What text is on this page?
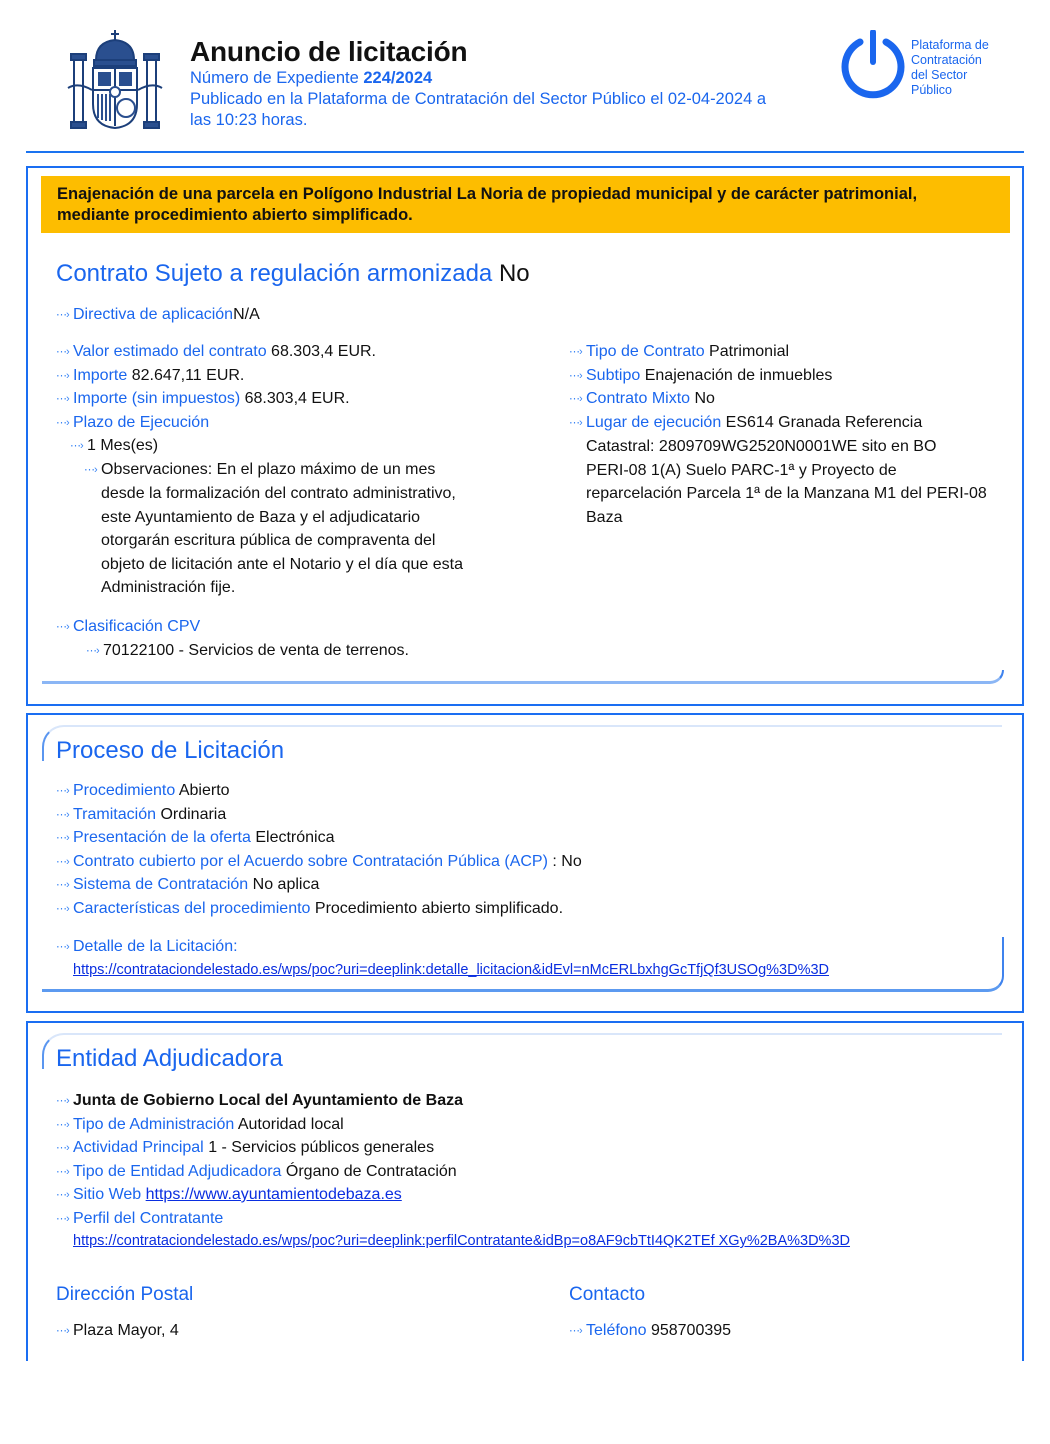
Anuncio de licitación
Número de Expediente 224/2024
Publicado en la Plataforma de Contratación del Sector Público el 02-04-2024 a
las 10:23 horas.
Plataforma de
Contratación
del Sector
Público
Enajenación de una parcela en Polígono Industrial La Noria de propiedad municipal y de carácter patrimonial,
mediante procedimiento abierto simplificado.
Contrato Sujeto a regulación armonizada No
⋯› Directiva de aplicaciónN/A
⋯› Valor estimado del contrato 68.303,4 EUR.
⋯› Importe 82.647,11 EUR.
⋯› Importe (sin impuestos) 68.303,4 EUR.
⋯› Plazo de Ejecución
⋯› 1 Mes(es)
⋯› Observaciones: En el plazo máximo de un mes
desde la formalización del contrato administrativo,
este Ayuntamiento de Baza y el adjudicatario
otorgarán escritura pública de compraventa del
objeto de licitación ante el Notario y el día que esta
Administración fije.
⋯› Tipo de Contrato Patrimonial
⋯› Subtipo Enajenación de inmuebles
⋯› Contrato Mixto No
⋯› Lugar de ejecución ES614 Granada Referencia
Catastral: 2809709WG2520N0001WE sito en BO
PERI-08 1(A) Suelo PARC-1ª y Proyecto de
reparcelación Parcela 1ª de la Manzana M1 del PERI-08
Baza
⋯› Clasificación CPV
⋯› 70122100 - Servicios de venta de terrenos.
Proceso de Licitación
⋯› Procedimiento Abierto
⋯› Tramitación Ordinaria
⋯› Presentación de la oferta Electrónica
⋯› Contrato cubierto por el Acuerdo sobre Contratación Pública (ACP) : No
⋯› Sistema de Contratación No aplica
⋯› Características del procedimiento Procedimiento abierto simplificado.
⋯› Detalle de la Licitación:
https://contrataciondelestado.es/wps/poc?uri=deeplink:detalle_licitacion&idEvl=nMcERLbxhgGcTfjQf3USOg%3D%3D
Entidad Adjudicadora
⋯› Junta de Gobierno Local del Ayuntamiento de Baza
⋯› Tipo de Administración Autoridad local
⋯› Actividad Principal 1 - Servicios públicos generales
⋯› Tipo de Entidad Adjudicadora Órgano de Contratación
⋯› Sitio Web https://www.ayuntamientodebaza.es
⋯› Perfil del Contratante
https://contrataciondelestado.es/wps/poc?uri=deeplink:perfilContratante&idBp=o8AF9cbTtI4QK2TEf XGy%2BA%3D%3D
Dirección Postal	Contacto
⋯› Plaza Mayor, 4	⋯› Teléfono 958700395
